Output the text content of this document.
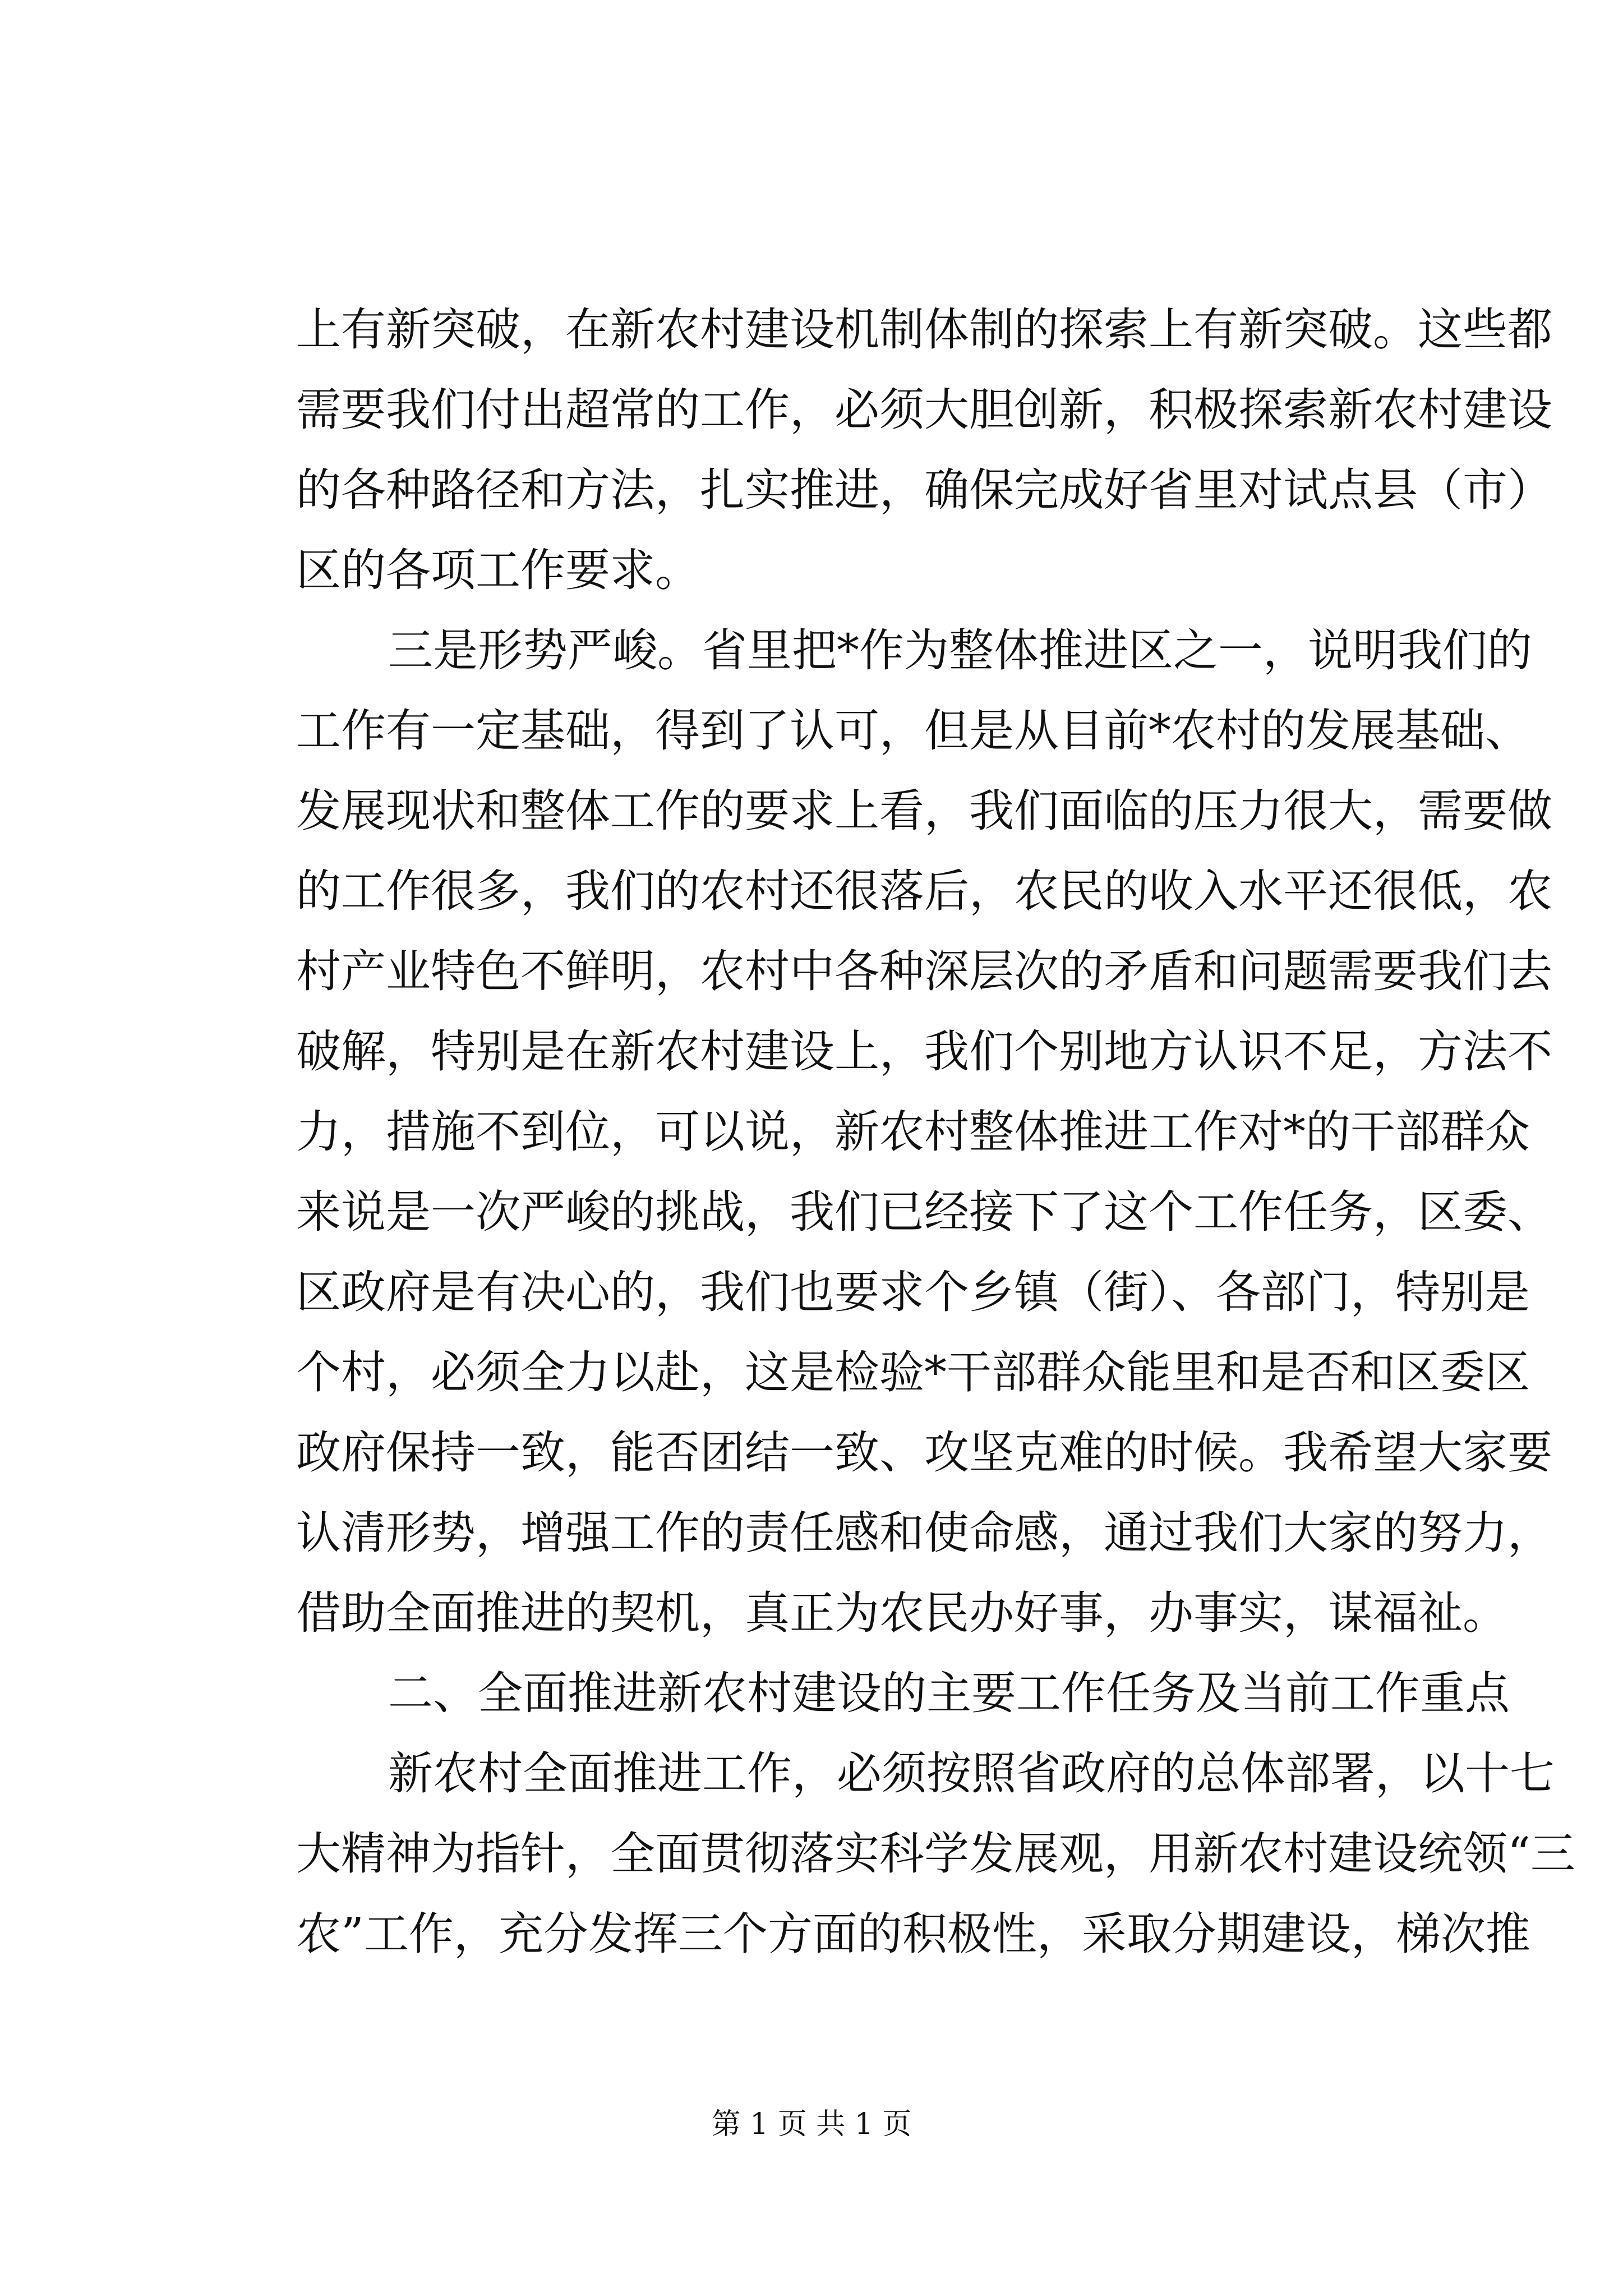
上有新突破，在新农村建设机制体制的探索上有新突破。这些都
需要我们付出超常的工作，必须大胆创新，积极探索新农村建设
的各种路径和方法，扎实推进，确保完成好省里对试点县（市）
区的各项工作要求。
三是形势严峻。省里把*作为整体推进区之一，说明我们的
工作有一定基础，得到了认可，但是从目前*农村的发展基础、
发展现状和整体工作的要求上看，我们面临的压力很大，需要做
的工作很多，我们的农村还很落后，农民的收入水平还很低，农
村产业特色不鲜明，农村中各种深层次的矛盾和问题需要我们去
破解，特别是在新农村建设上，我们个别地方认识不足，方法不
力，措施不到位，可以说，新农村整体推进工作对*的干部群众
来说是一次严峻的挑战，我们已经接下了这个工作任务，区委、
区政府是有决心的，我们也要求个乡镇（街）、各部门，特别是
个村，必须全力以赴，这是检验*干部群众能里和是否和区委区
政府保持一致，能否团结一致、攻坚克难的时候。我希望大家要
认清形势，增强工作的责任感和使命感，通过我们大家的努力，
借助全面推进的契机，真正为农民办好事，办事实，谋福祉。
二、全面推进新农村建设的主要工作任务及当前工作重点
新农村全面推进工作，必须按照省政府的总体部署，以十七
大精神为指针，全面贯彻落实科学发展观，用新农村建设统领“三
农”工作，充分发挥三个方面的积极性，采取分期建设，梯次推
第 1 页 共 1 页
